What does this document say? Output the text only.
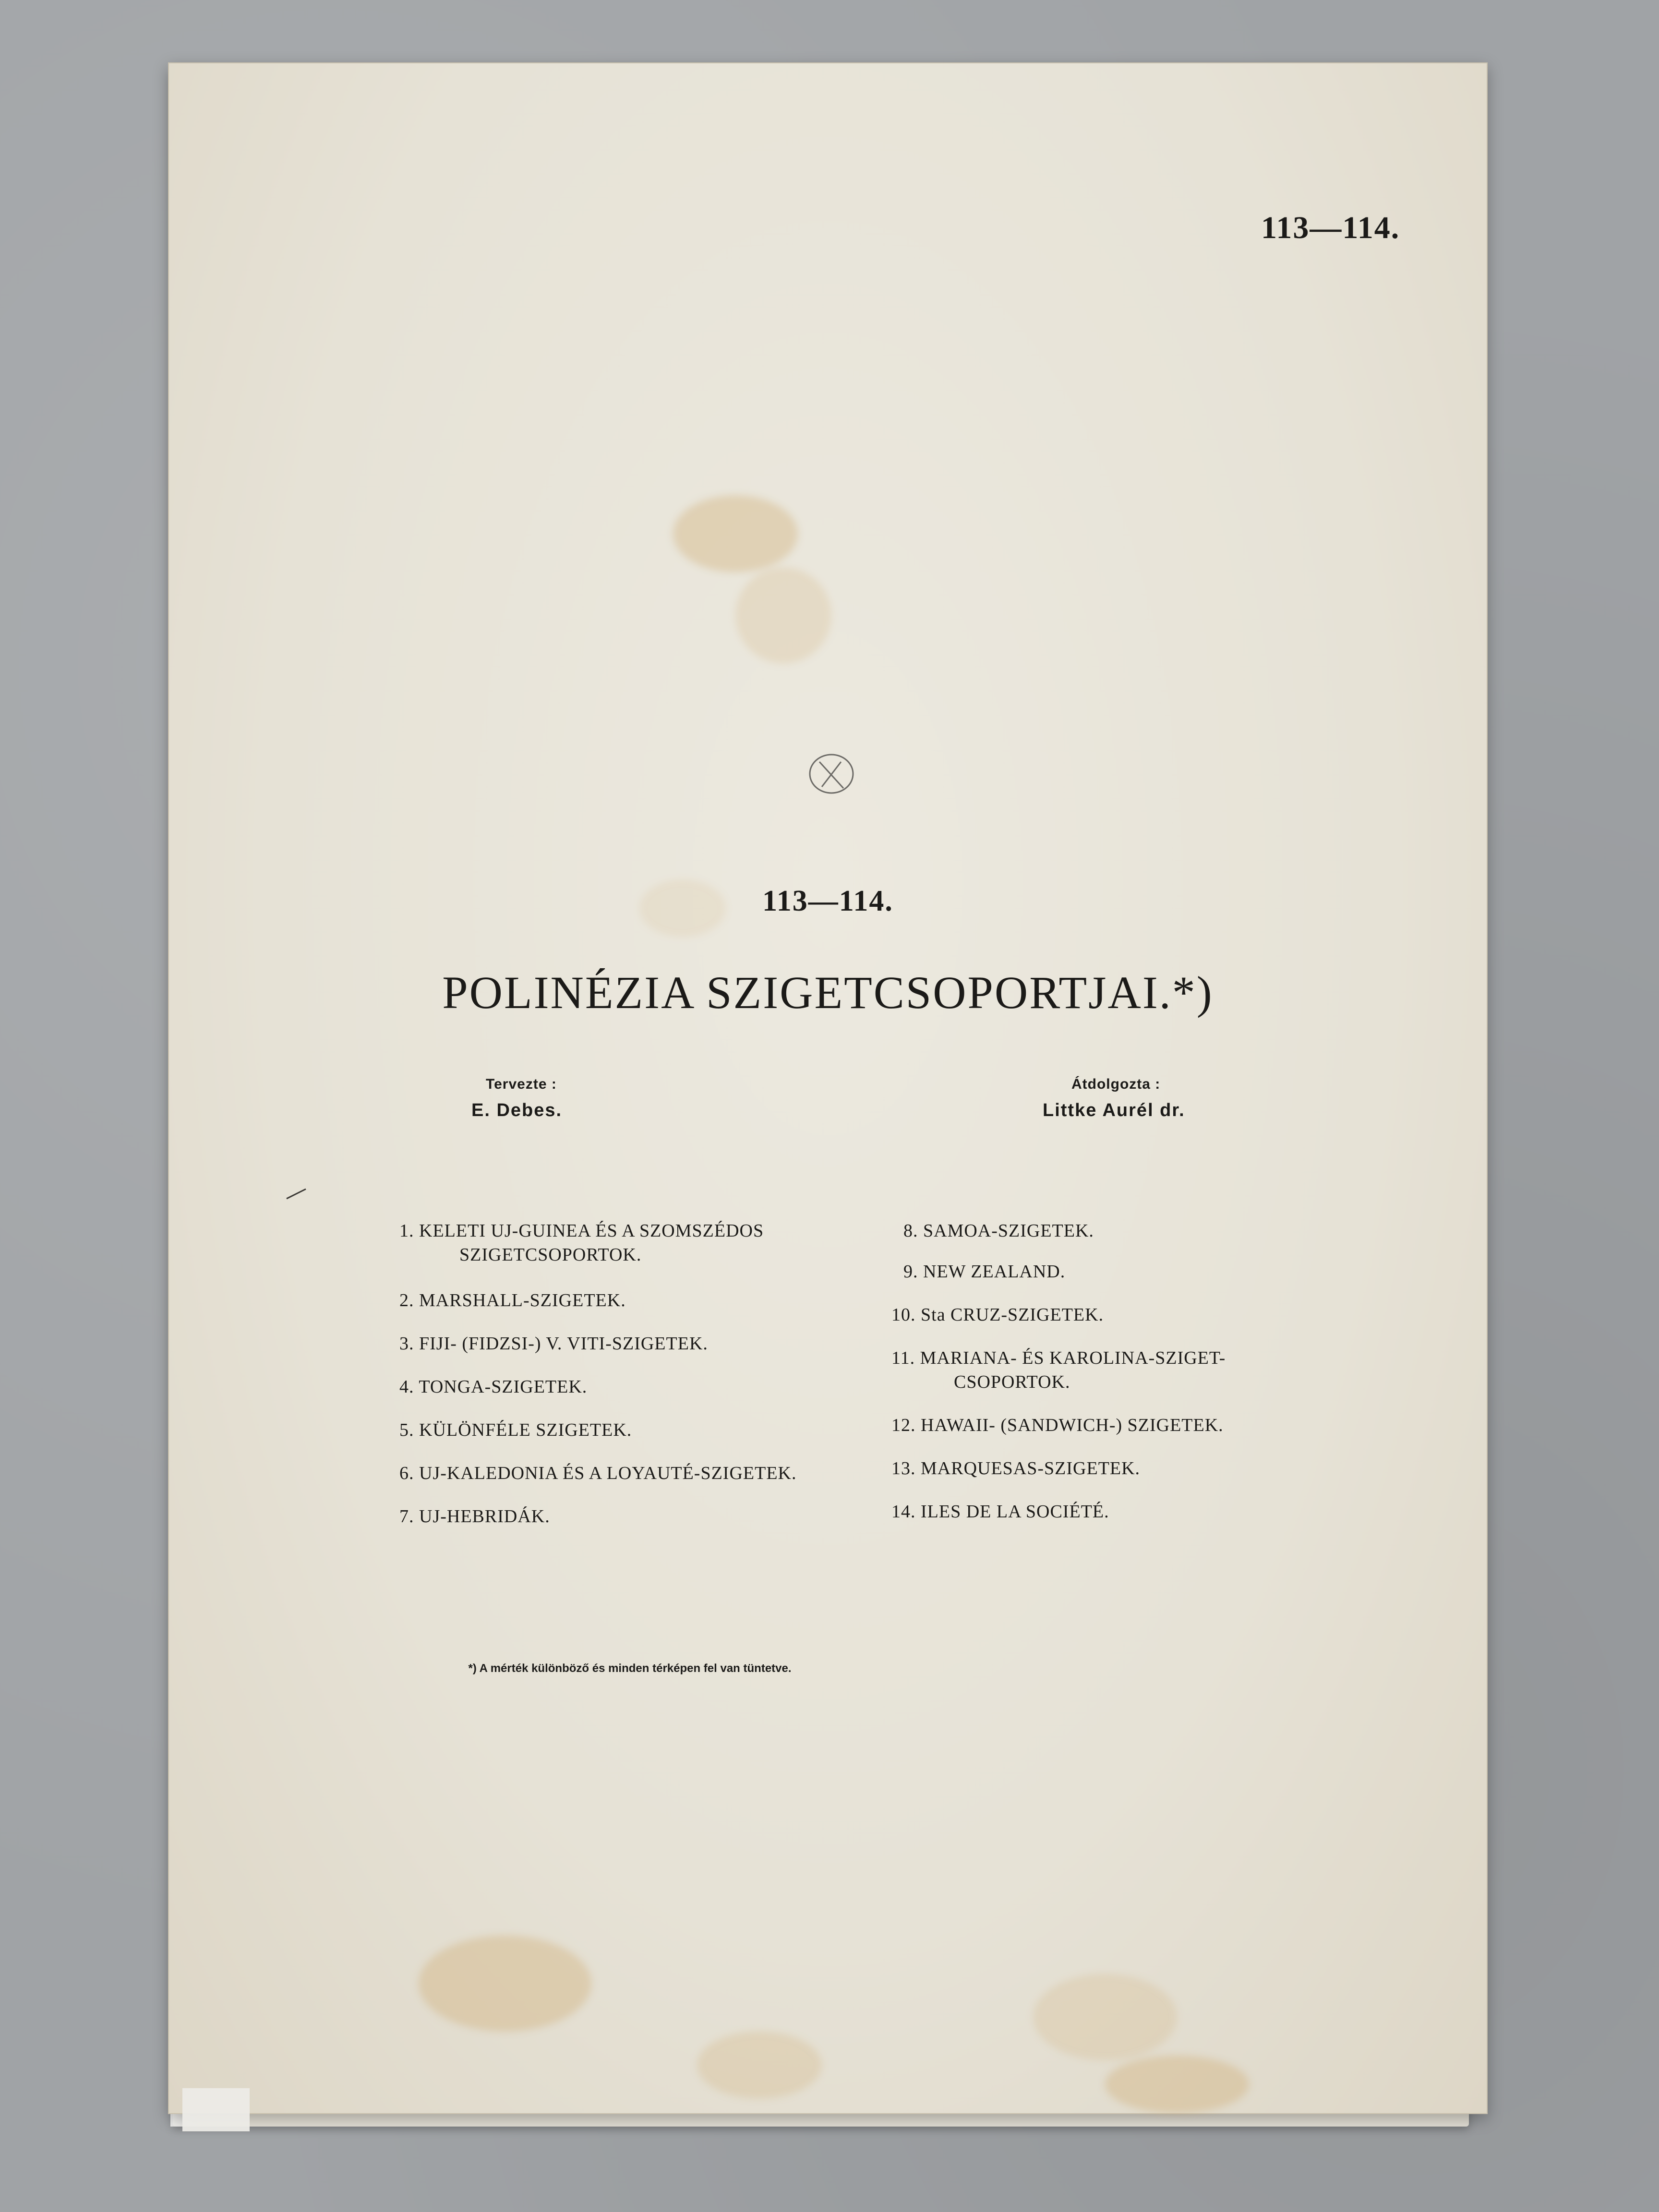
113—114.
113—114.
POLINÉZIA SZIGETCSOPORTJAI.*)
Tervezte :
E. Debes.
Átdolgozta :
Littke Aurél dr.
1. KELETI UJ-GUINEA ÉS A SZOMSZÉDOS
SZIGETCSOPORTOK.
2. MARSHALL-SZIGETEK.
3. FIJI- (FIDZSI-) V. VITI-SZIGETEK.
4. TONGA-SZIGETEK.
5. KÜLÖNFÉLE SZIGETEK.
6. UJ-KALEDONIA ÉS A LOYAUTÉ-SZIGETEK.
7. UJ-HEBRIDÁK.
8. SAMOA-SZIGETEK.
9. NEW ZEALAND.
10. Sta CRUZ-SZIGETEK.
11. MARIANA- ÉS KAROLINA-SZIGET-
CSOPORTOK.
12. HAWAII- (SANDWICH-) SZIGETEK.
13. MARQUESAS-SZIGETEK.
14. ILES DE LA SOCIÉTÉ.
*) A mérték különböző és minden térképen fel van tüntetve.
